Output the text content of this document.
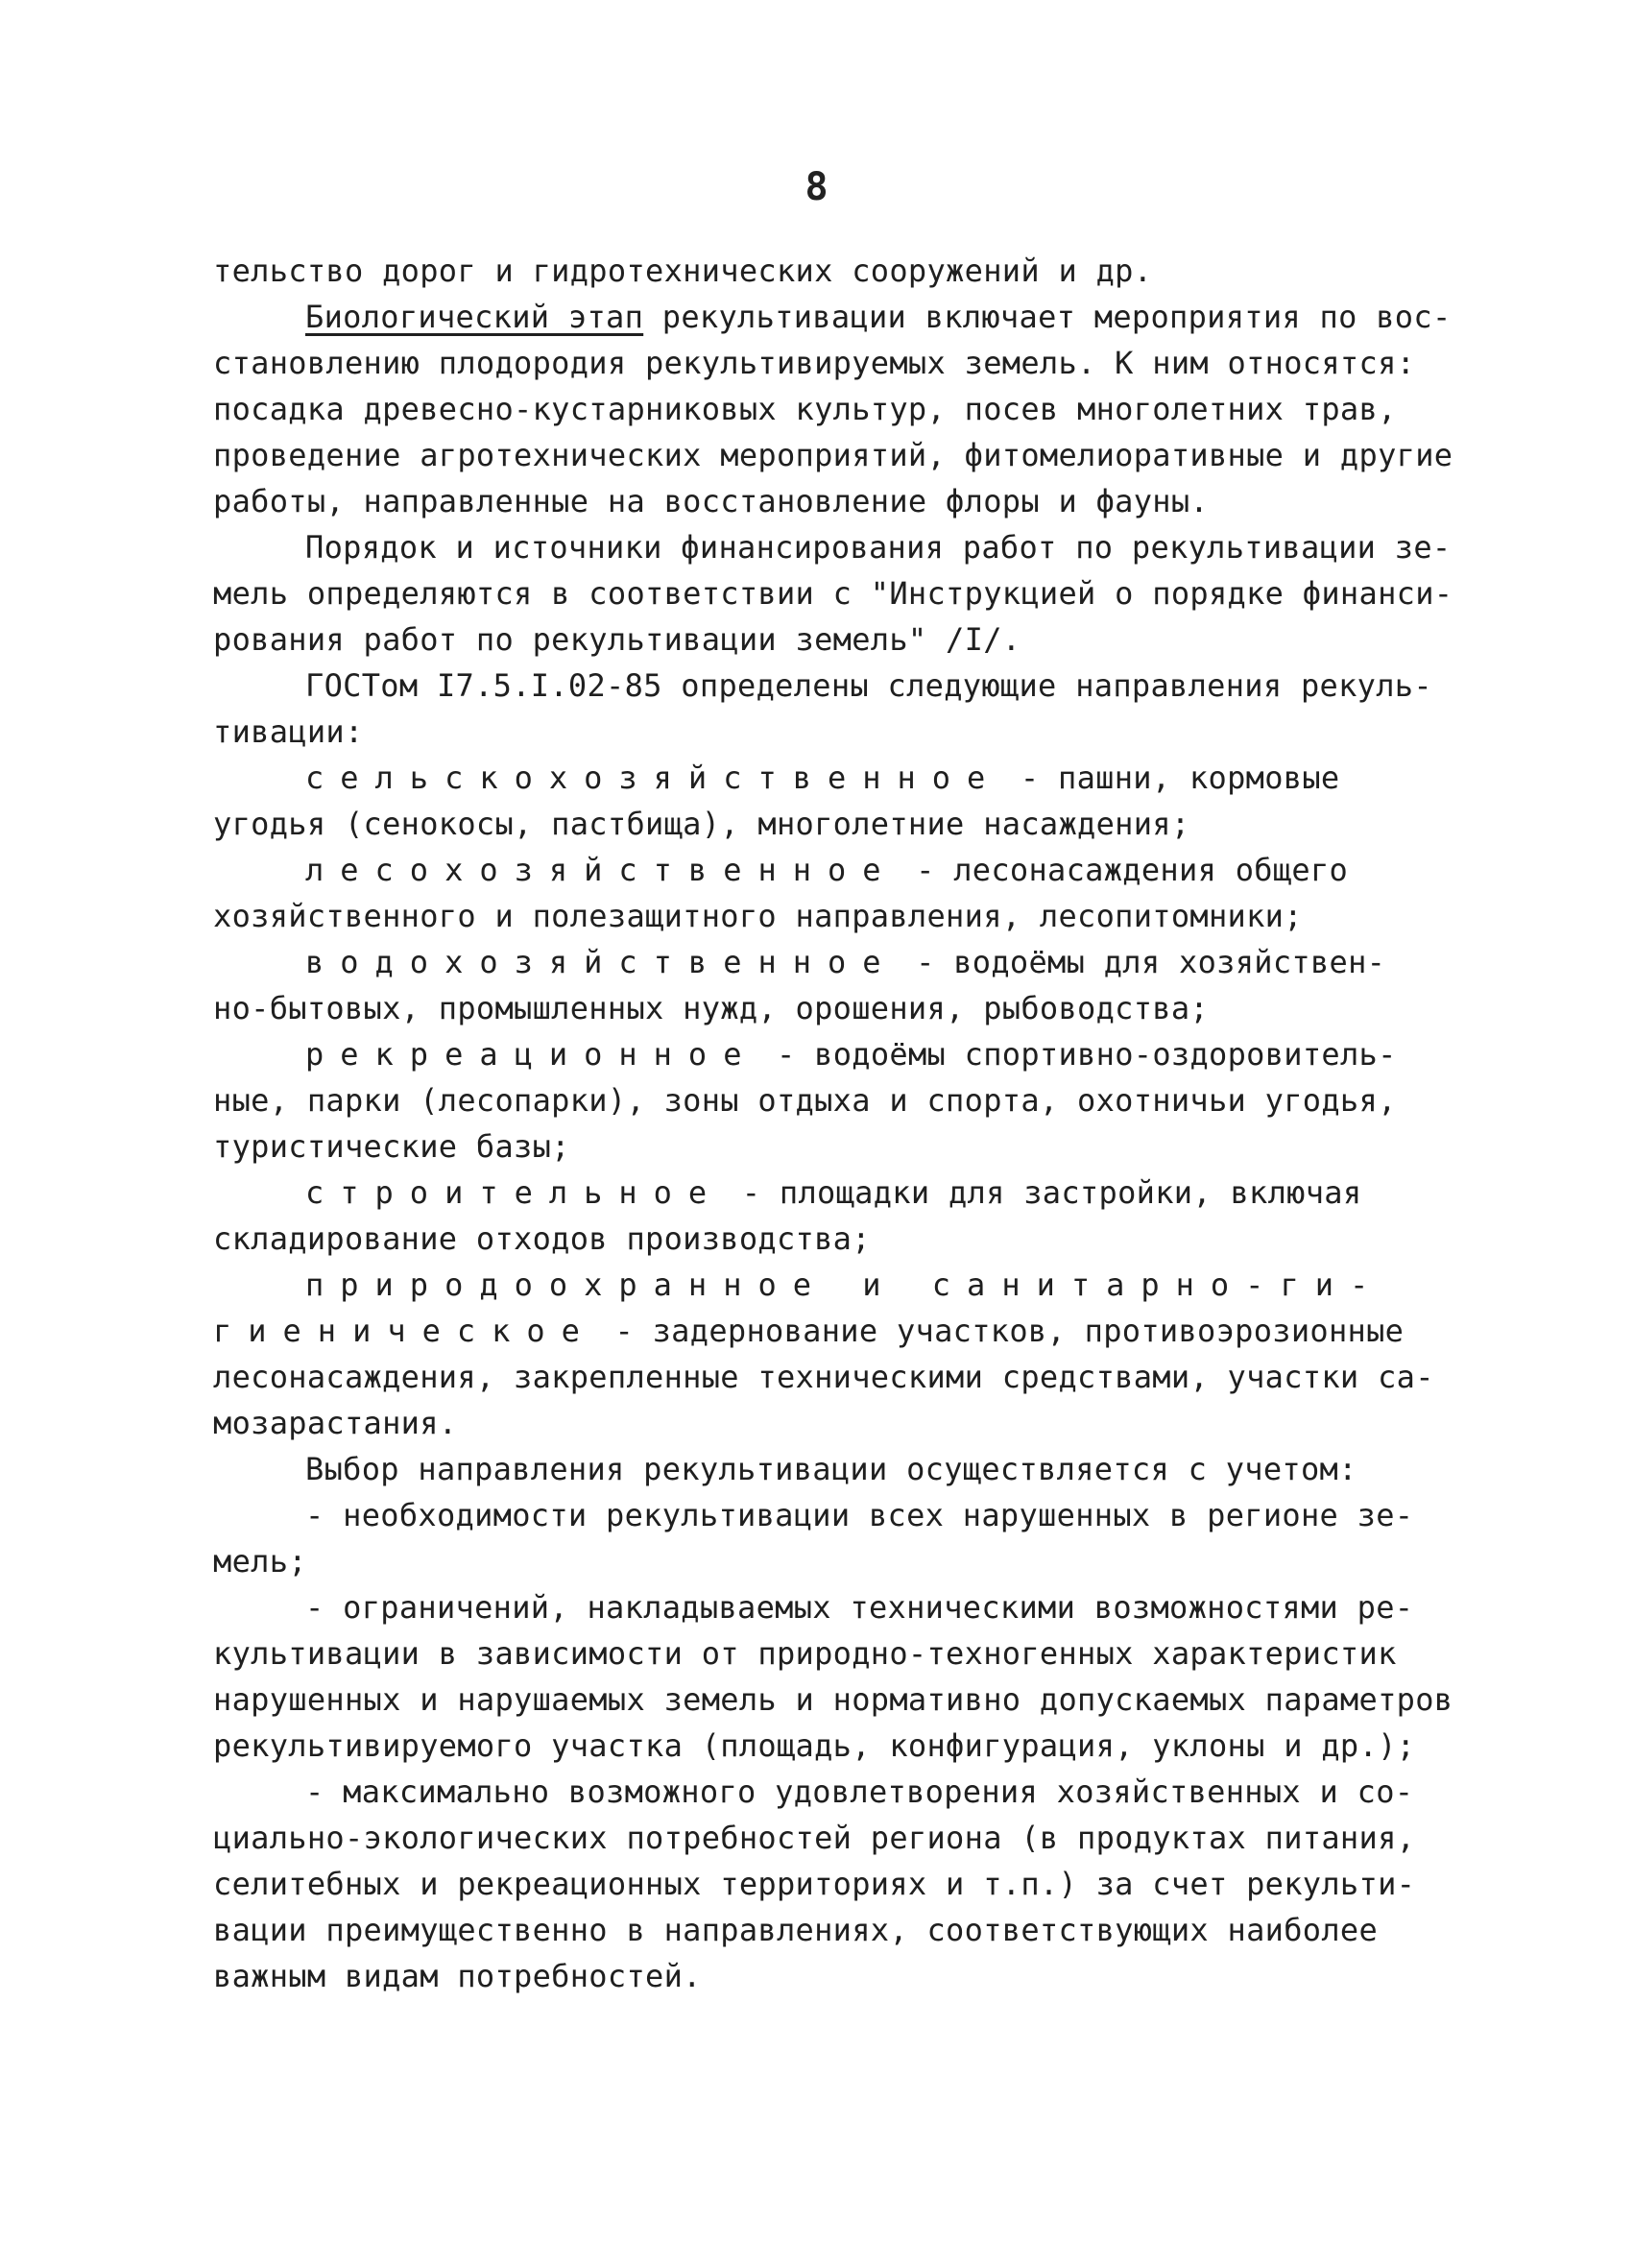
8
тельство дорог и гидротехнических сооружений и др.
Биологический этап рекультивации включает мероприятия по вос-
становлению плодородия рекультивируемых земель. К ним относятся:
посадка древесно-кустарниковых культур, посев многолетних трав,
проведение агротехнических мероприятий, фитомелиоративные и другие
работы, направленные на восстановление флоры и фауны.
Порядок и источники финансирования работ по рекультивации зе-
мель определяются в соответствии с "Инструкцией о порядке финанси-
рования работ по рекультивации земель" /I/.
ГОСТом I7.5.I.02-85 определены следующие направления рекуль-
тивации:
сельскохозяйственное - пашни, кормовые
угодья (сенокосы, пастбища), многолетние насаждения;
лесохозяйственное - лесонасаждения общего
хозяйственного и полезащитного направления, лесопитомники;
водохозяйственное - водоёмы для хозяйствен-
но-бытовых, промышленных нужд, орошения, рыбоводства;
рекреационное - водоёмы спортивно-оздоровитель-
ные, парки (лесопарки), зоны отдыха и спорта, охотничьи угодья,
туристические базы;
строительное - площадки для застройки, включая
складирование отходов производства;
природоохранное и санитарно-ги-
гиеническое - задернование участков, противоэрозионные
лесонасаждения, закрепленные техническими средствами, участки са-
мозарастания.
Выбор направления рекультивации осуществляется с учетом:
- необходимости рекультивации всех нарушенных в регионе зе-
мель;
- ограничений, накладываемых техническими возможностями ре-
культивации в зависимости от природно-техногенных характеристик
нарушенных и нарушаемых земель и нормативно допускаемых параметров
рекультивируемого участка (площадь, конфигурация, уклоны и др.);
- максимально возможного удовлетворения хозяйственных и со-
циально-экологических потребностей региона (в продуктах питания,
селитебных и рекреационных территориях и т.п.) за счет рекульти-
вации преимущественно в направлениях, соответствующих наиболее
важным видам потребностей.
